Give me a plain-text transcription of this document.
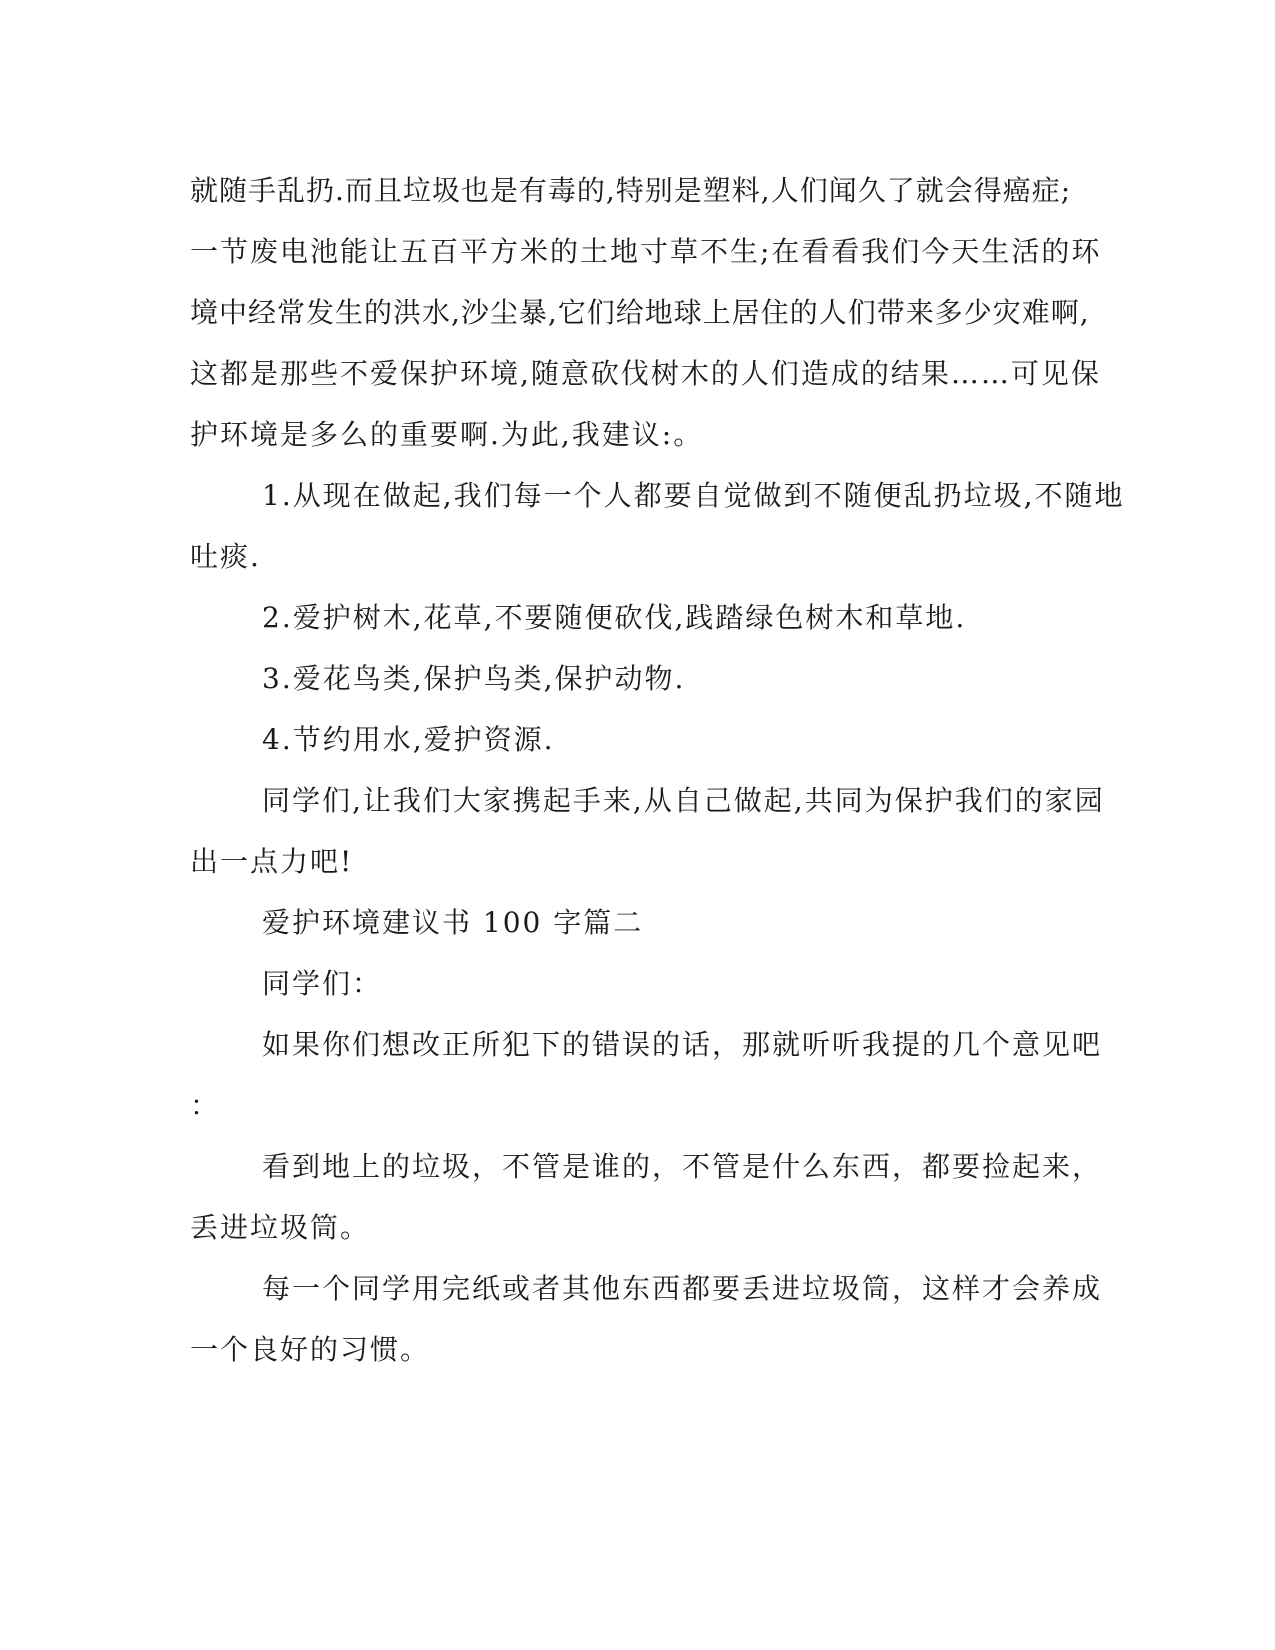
就随手乱扔.而且垃圾也是有毒的,特别是塑料,人们闻久了就会得癌症;
一节废电池能让五百平方米的土地寸草不生;在看看我们今天生活的环
境中经常发生的洪水,沙尘暴,它们给地球上居住的人们带来多少灾难啊,
这都是那些不爱保护环境,随意砍伐树木的人们造成的结果……可见保
护环境是多么的重要啊.为此,我建议:。
1.从现在做起,我们每一个人都要自觉做到不随便乱扔垃圾,不随地
吐痰.
2.爱护树木,花草,不要随便砍伐,践踏绿色树木和草地.
3.爱花鸟类,保护鸟类,保护动物.
4.节约用水,爱护资源.
同学们,让我们大家携起手来,从自己做起,共同为保护我们的家园
出一点力吧!
爱护环境建议书 100 字篇二
同学们：
如果你们想改正所犯下的错误的话，那就听听我提的几个意见吧
：
看到地上的垃圾，不管是谁的，不管是什么东西，都要捡起来，
丢进垃圾筒。
每一个同学用完纸或者其他东西都要丢进垃圾筒，这样才会养成
一个良好的习惯。
